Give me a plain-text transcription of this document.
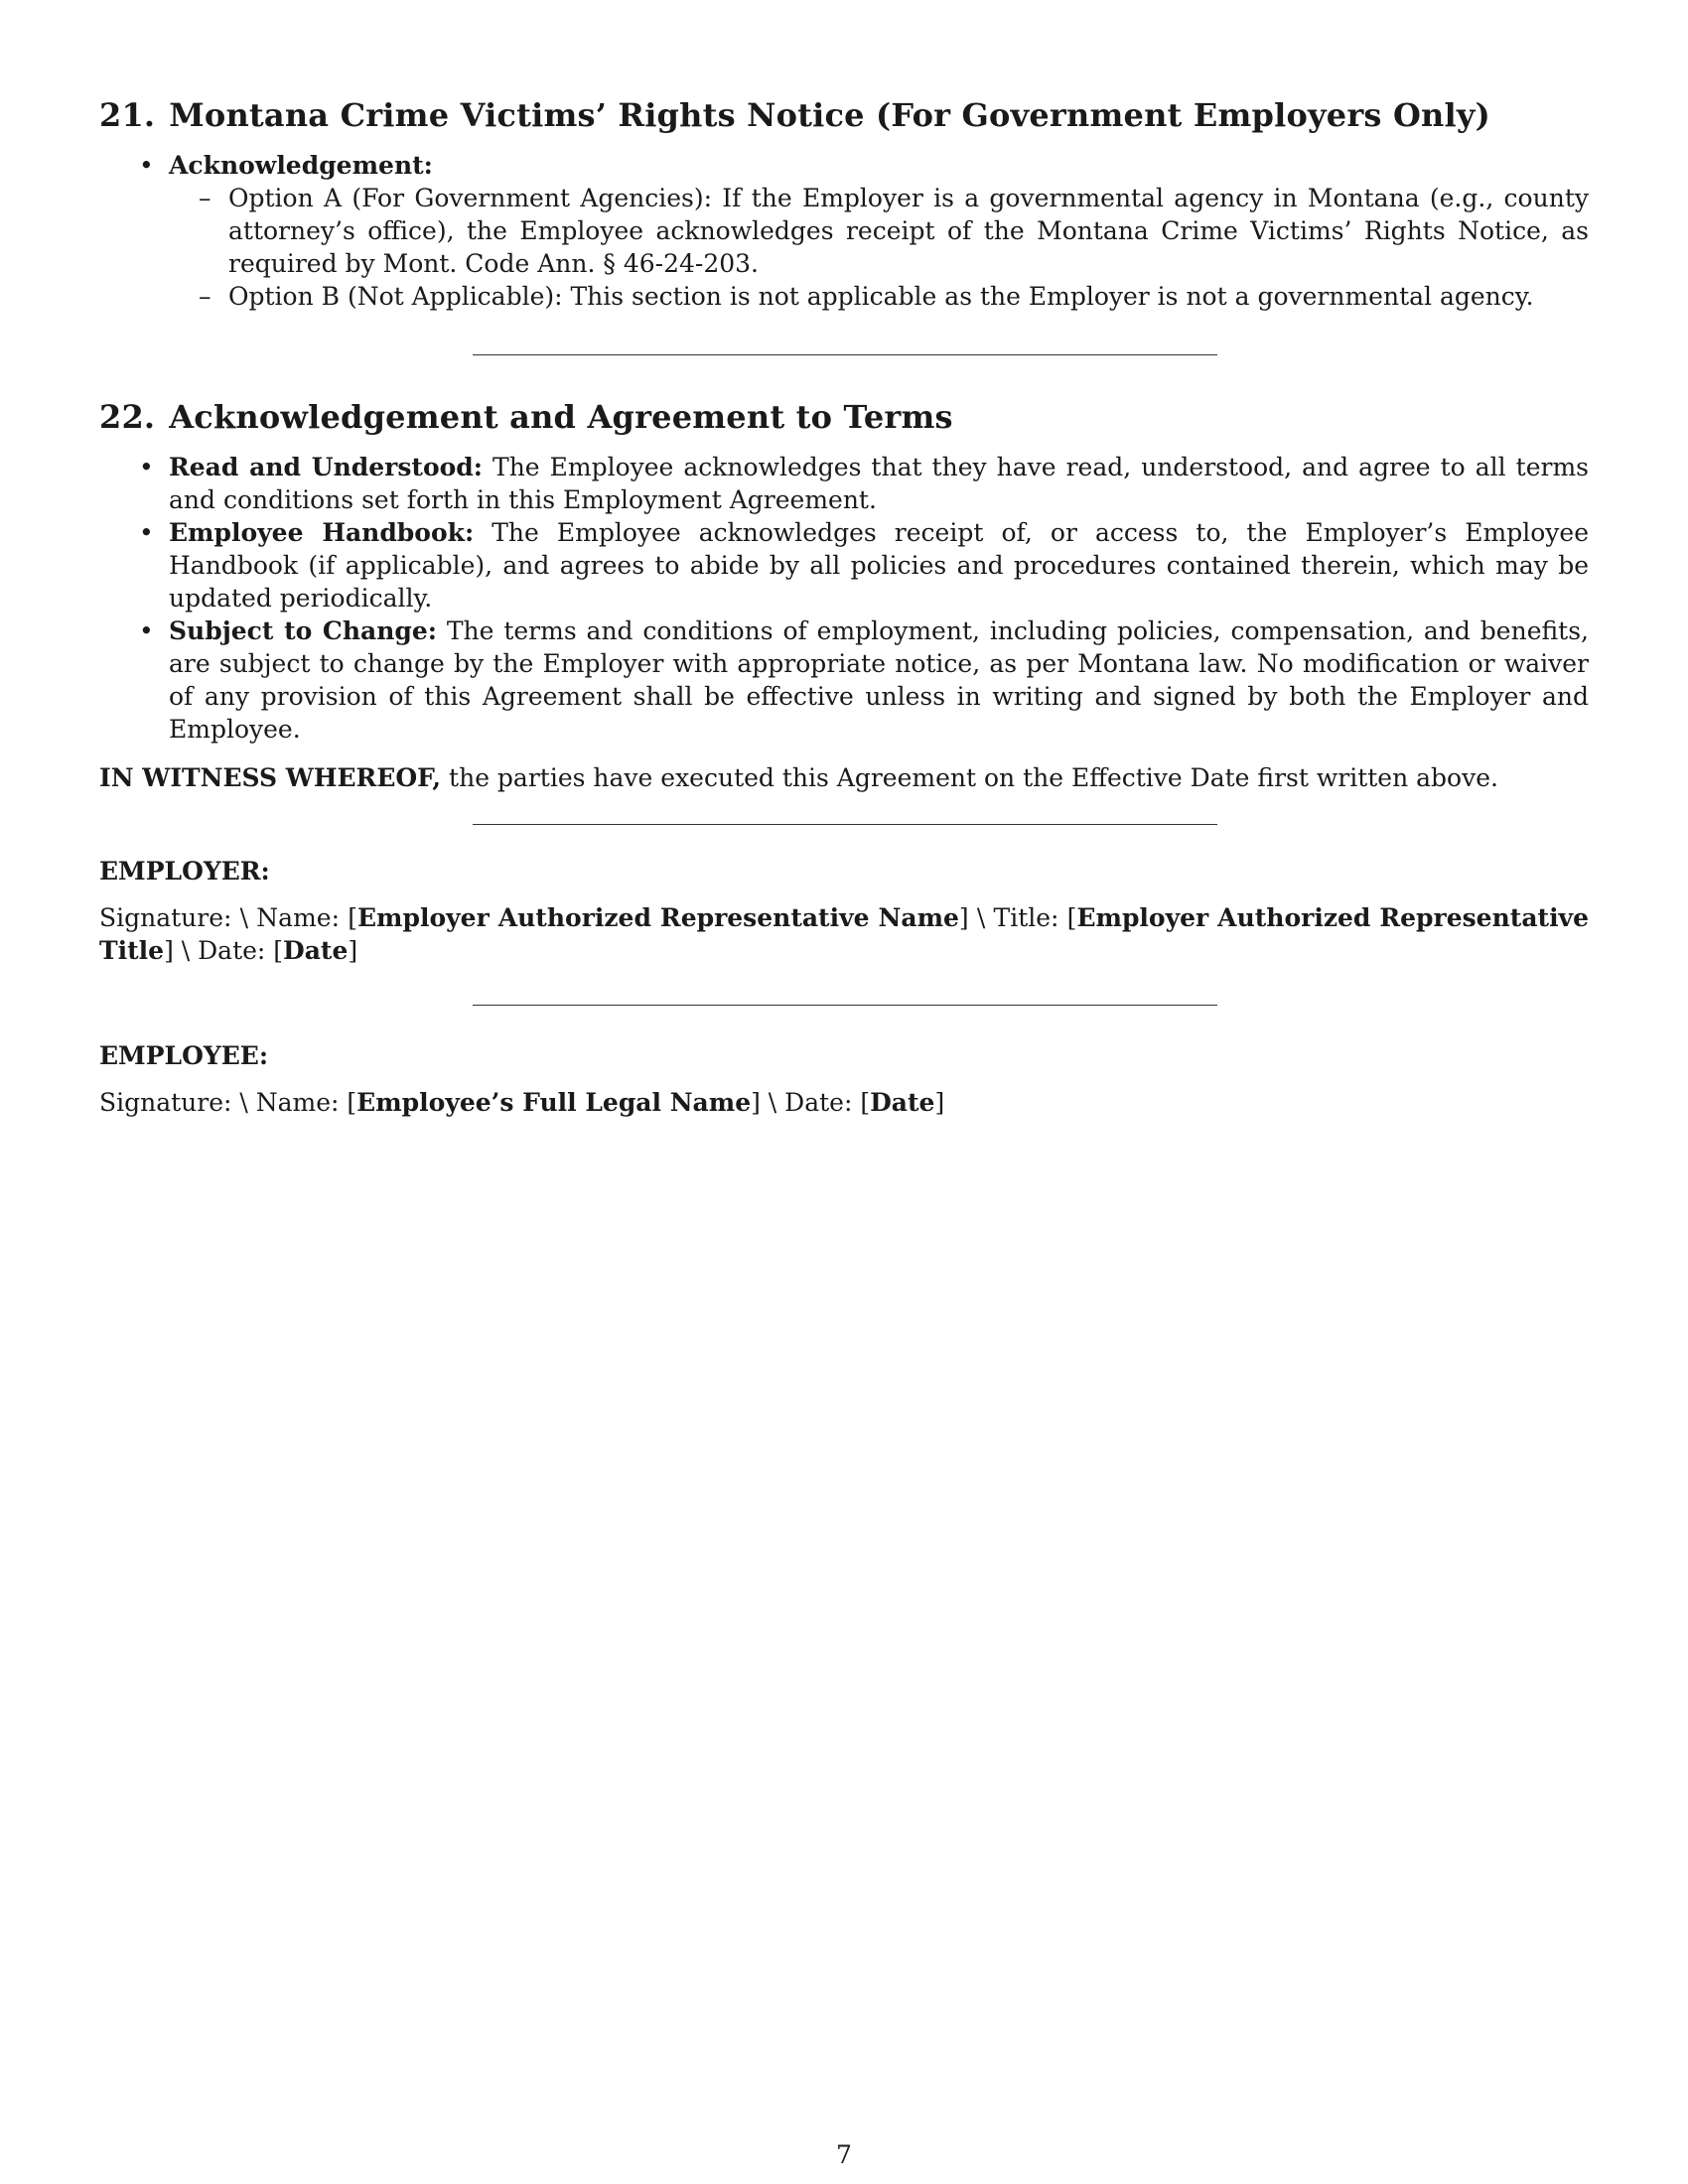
21. Montana Crime Victims’ Rights Notice (For Government Employers Only)
• Acknowledgement:
– Option A (For Government Agencies): If the Employer is a governmental agency in Montana (e.g., county attorney’s office), the Employee acknowledges receipt of the Montana Crime Victims’ Rights Notice, as required by Mont. Code Ann. § 46-24-203.
– Option B (Not Applicable): This section is not applicable as the Employer is not a governmental agency.
22. Acknowledgement and Agreement to Terms
• Read and Understood: The Employee acknowledges that they have read, understood, and agree to all terms and conditions set forth in this Employment Agreement.
• Employee Handbook: The Employee acknowledges receipt of, or access to, the Employer’s Employee Handbook (if applicable), and agrees to abide by all policies and procedures contained therein, which may be updated periodically.
• Subject to Change: The terms and conditions of employment, including policies, compensation, and benefits, are subject to change by the Employer with appropriate notice, as per Montana law. No modification or waiver of any provision of this Agreement shall be effective unless in writing and signed by both the Employer and Employee.

IN WITNESS WHEREOF, the parties have executed this Agreement on the Effective Date first written above.

EMPLOYER:

Signature: \ Name: [Employer Authorized Representative Name] \ Title: [Employer Authorized Representative Title] \ Date: [Date]

EMPLOYEE:

Signature: \ Name: [Employee’s Full Legal Name] \ Date: [Date]

7
